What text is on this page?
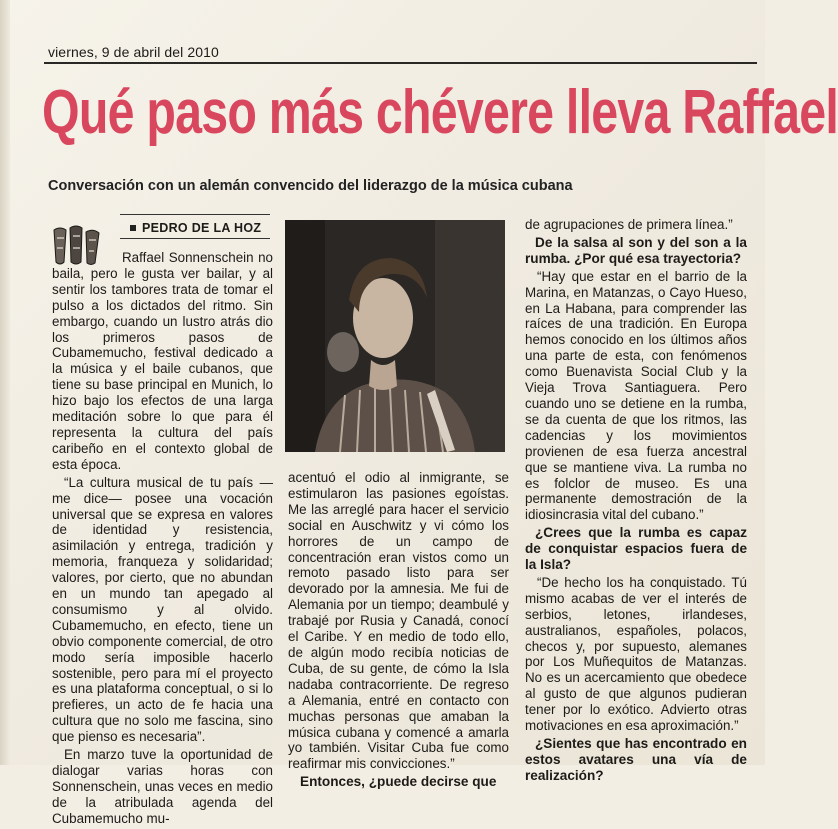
viernes, 9 de abril del 2010
Qué paso más chévere lleva Raffael
Conversación con un alemán convencido del liderazgo de la música cubana
PEDRO DE LA HOZ

Raffael Sonnenschein no baila, pero le gusta ver bailar, y al sentir los tambores trata de tomar el pulso a los dictados del ritmo. Sin embargo, cuando un lustro atrás dio los primeros pasos de Cubamemucho, festival dedicado a la música y el baile cubanos, que tiene su base principal en Munich, lo hizo bajo los efectos de una larga meditación sobre lo que para él representa la cultura del país caribeño en el contexto global de esta época.

“La cultura musical de tu país —me dice— posee una vocación universal que se expresa en valores de identidad y resistencia, asimilación y entrega, tradición y memoria, franqueza y solidaridad; valores, por cierto, que no abundan en un mundo tan apegado al consumismo y al olvido. Cubamemucho, en efecto, tiene un obvio componente comercial, de otro modo sería imposible hacerlo sostenible, pero para mí el proyecto es una plataforma conceptual, o si lo prefieres, un acto de fe hacia una cultura que no solo me fascina, sino que pienso es necesaria”.

En marzo tuve la oportunidad de dialogar varias horas con Sonnenschein, unas veces en medio de la atribulada agenda del Cubamemucho mu-

acentuó el odio al inmigrante, se estimularon las pasiones egoístas. Me las arreglé para hacer el servicio social en Auschwitz y vi cómo los horrores de un campo de concentración eran vistos como un remoto pasado listo para ser devorado por la amnesia. Me fui de Alemania por un tiempo; deambulé y trabajé por Rusia y Canadá, conocí el Caribe. Y en medio de todo ello, de algún modo recibía noticias de Cuba, de su gente, de cómo la Isla nadaba contracorriente. De regreso a Alemania, entré en contacto con muchas personas que amaban la música cubana y comencé a amarla yo también. Visitar Cuba fue como reafirmar mis convicciones.”

Entonces, ¿puede decirse que

de agrupaciones de primera línea.”

De la salsa al son y del son a la rumba. ¿Por qué esa trayectoria?

“Hay que estar en el barrio de la Marina, en Matanzas, o Cayo Hueso, en La Habana, para comprender las raíces de una tradición. En Europa hemos conocido en los últimos años una parte de esta, con fenómenos como Buenavista Social Club y la Vieja Trova Santiaguera. Pero cuando uno se detiene en la rumba, se da cuenta de que los ritmos, las cadencias y los movimientos provienen de esa fuerza ancestral que se mantiene viva. La rumba no es folclor de museo. Es una permanente demostración de la idiosincrasia vital del cubano.”

¿Crees que la rumba es capaz de conquistar espacios fuera de la Isla?

“De hecho los ha conquistado. Tú mismo acabas de ver el interés de serbios, letones, irlandeses, australianos, españoles, polacos, checos y, por supuesto, alemanes por Los Muñequitos de Matanzas. No es un acercamiento que obedece al gusto de que algunos pudieran tener por lo exótico. Advierto otras motivaciones en esa aproximación.”

¿Sientes que has encontrado en estos avatares una vía de realización?
